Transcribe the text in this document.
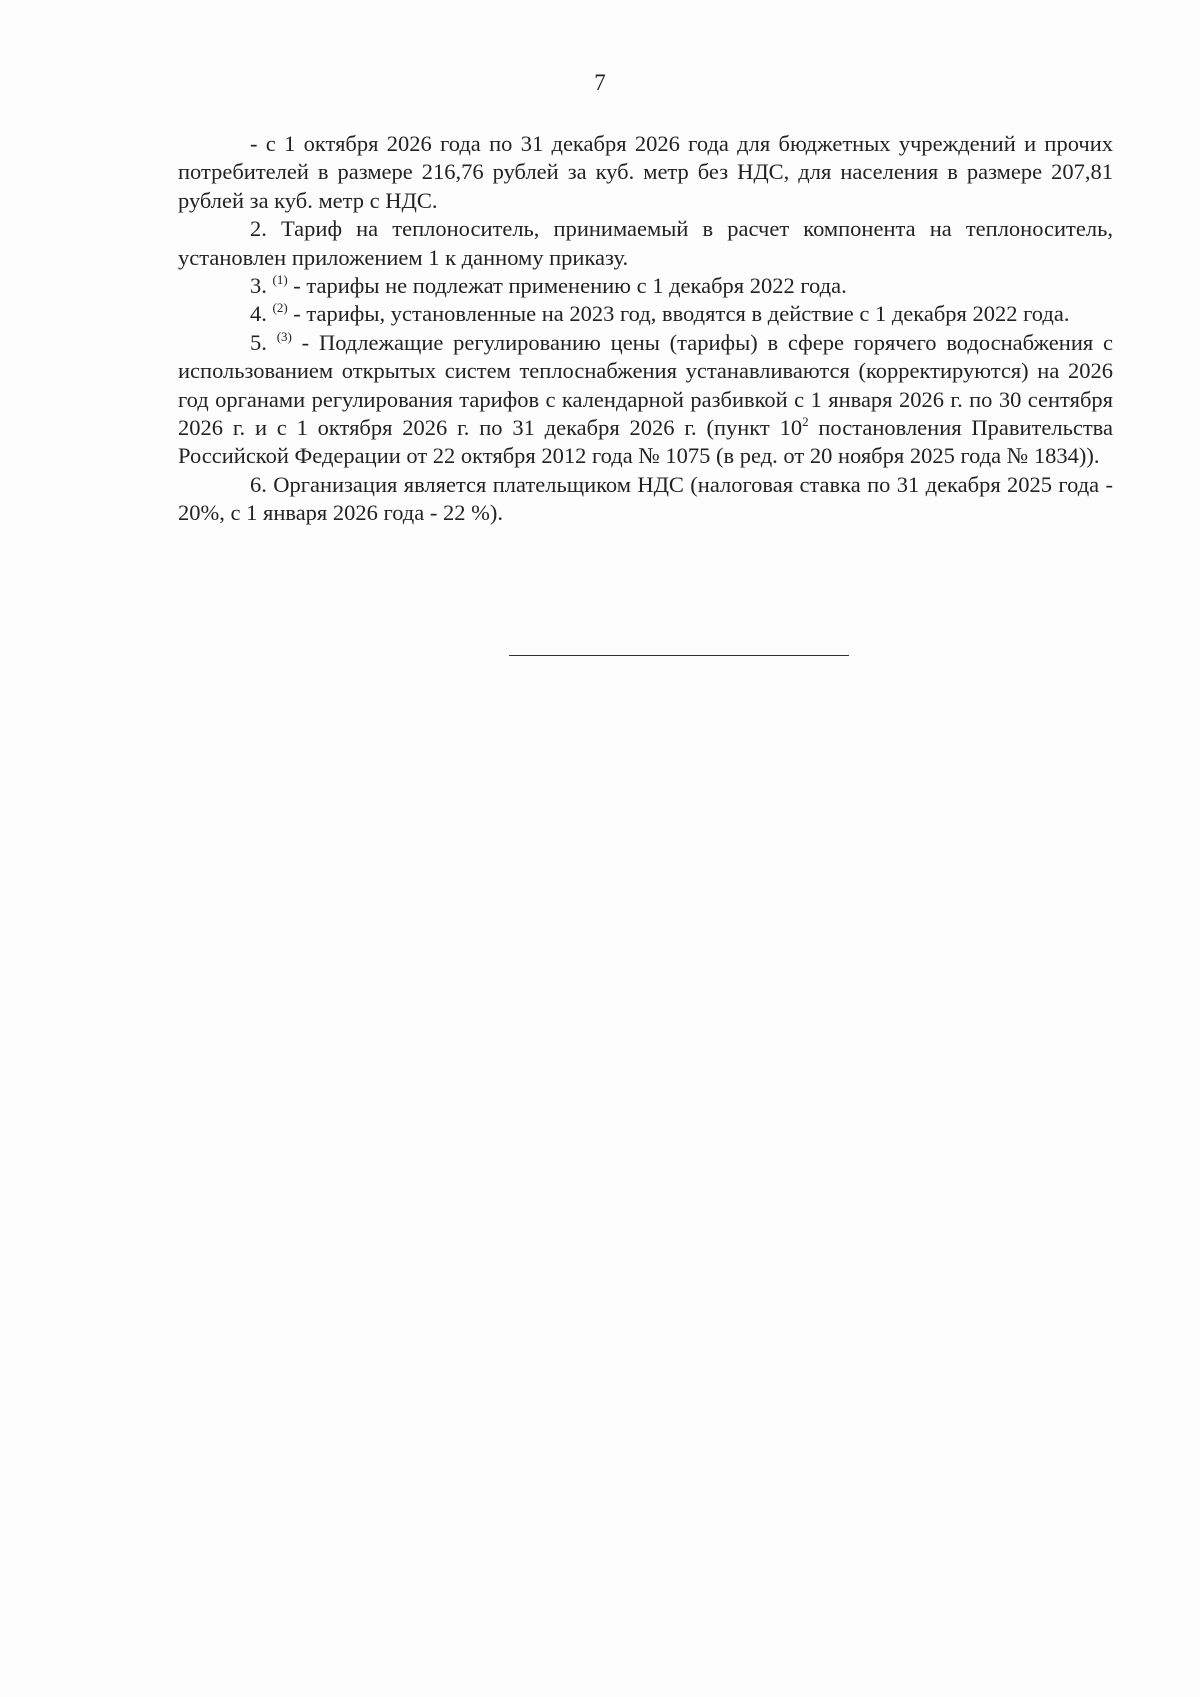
7

- с 1 октября 2026 года по 31 декабря 2026 года для бюджетных учреждений и прочих потребителей в размере 216,76 рублей за куб. метр без НДС, для населения в размере 207,81 рублей за куб. метр с НДС.

2. Тариф на теплоноситель, принимаемый в расчет компонента на теплоноситель, установлен приложением 1 к данному приказу.

3. $^{(1)}$ - тарифы не подлежат применению с 1 декабря 2022 года.

4. $^{(2)}$ - тарифы, установленные на 2023 год, вводятся в действие с 1 декабря 2022 года.

5. $^{(3)}$ - Подлежащие регулированию цены (тарифы) в сфере горячего водоснабжения с использованием открытых систем теплоснабжения устанавливаются (корректируются) на 2026 год органами регулирования тарифов с календарной разбивкой с 1 января 2026 г. по 30 сентября 2026 г. и с 1 октября 2026 г. по 31 декабря 2026 г. (пункт $10^2$ постановления Правительства Российской Федерации от 22 октября 2012 года № 1075 (в ред. от 20 ноября 2025 года № 1834)).

6. Организация является плательщиком НДС (налоговая ставка по 31 декабря 2025 года - 20%, с 1 января 2026 года - 22 %).
